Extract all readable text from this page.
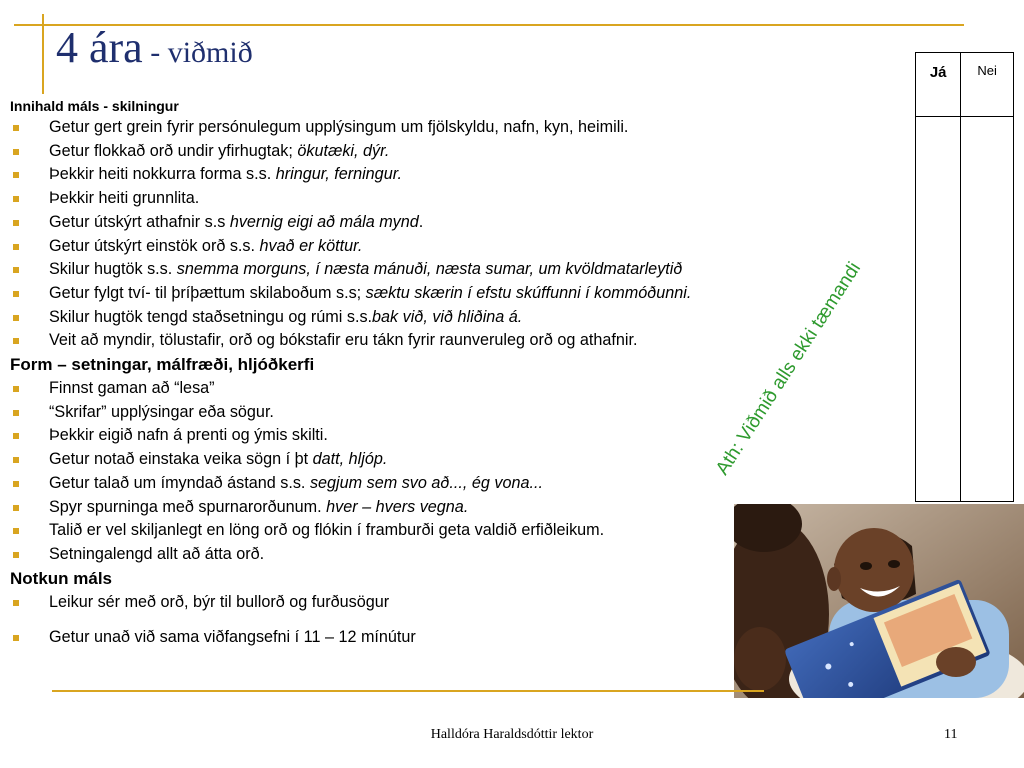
4 ára - viðmið
Já	Nei

Innihald máls - skilningur
Getur gert grein fyrir persónulegum upplýsingum um fjölskyldu, nafn, kyn, heimili.
Getur flokkað orð undir yfirhugtak; ökutæki, dýr.
Þekkir heiti nokkurra forma s.s. hringur, ferningur.
Þekkir heiti grunnlita.
Getur útskýrt athafnir s.s hvernig eigi að mála mynd.
Getur útskýrt einstök orð s.s. hvað er köttur.
Skilur hugtök s.s. snemma morguns, í næsta mánuði, næsta sumar, um kvöldmatarleytið
Getur fylgt tví- til þríþættum skilaboðum s.s; sæktu skærin í efstu skúffunni í kommóðunni.
Skilur hugtök tengd staðsetningu og rúmi s.s.bak við, við hliðina á.
Veit að myndir, tölustafir, orð og bókstafir eru tákn fyrir raunveruleg orð og athafnir.
Form – setningar, málfræði, hljóðkerfi
Finnst gaman að “lesa”
“Skrifar” upplýsingar eða sögur.
Þekkir eigið nafn á prenti og ýmis skilti.
Getur notað einstaka veika sögn í þt datt, hljóp.
Getur talað um ímyndað ástand s.s. segjum sem svo að..., ég vona...
Spyr spurninga með spurnarorðunum. hver – hvers vegna.
Talið er vel skiljanlegt en löng orð og flókin í framburði geta valdið erfiðleikum.
Setningalengd allt að átta orð.
Notkun máls
Leikur sér með orð, býr til bullorð og furðusögur
Getur unað við sama viðfangsefni í 11 – 12 mínútur
Ath: Viðmið alls ekki tæmandi
Halldóra Haraldsdóttir lektor	11
